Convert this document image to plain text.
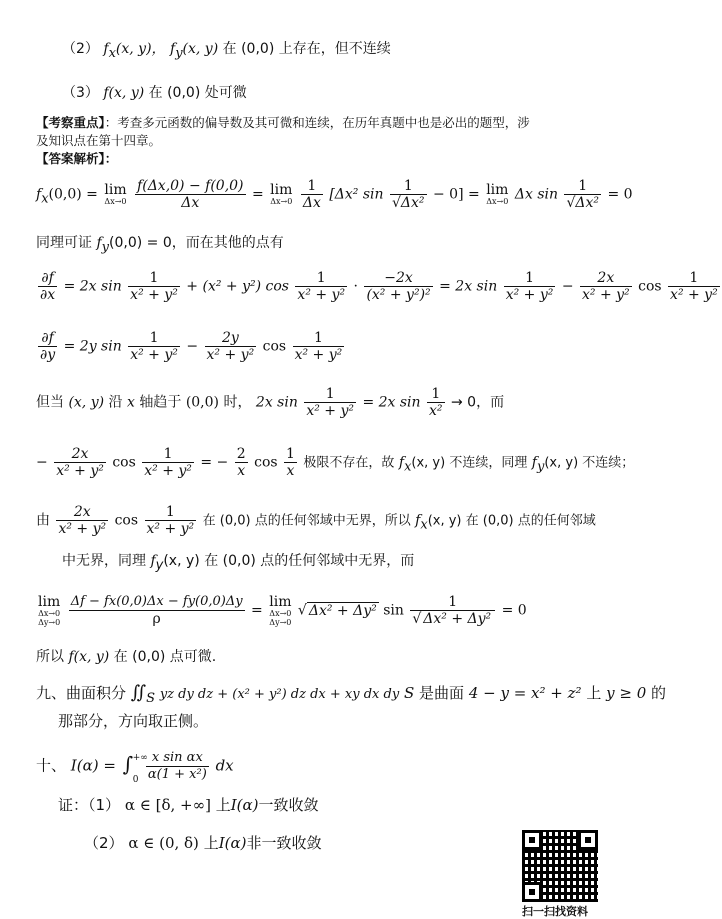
（2） $f_x(x$, y)， $f_y(x$, y) 在 (0,0) 上存在，但不连续
（3） f(x, y) 在 (0,0) 处可微
【考察重点】：考查多元函数的偏导数及其可微和连续，在历年真题中也是必出的题型，涉
及知识点在第十四章。
【答案解析】：
$f_x(0,0) = \lim$
Δx→0
$\frac{f(\Delta x,0) - f(0,0)}{\Delta x} = \lim$
Δx→0
$\frac{1}{\Delta x} [\Delta x^2$ $\sin \frac{1}{\text{√Δx²}} - 0] = \lim$
Δx→0 Δx $\sin \frac{1}{\text{√Δx²}} = 0$
同理可证 $f_y(0,0) = 0$，而在其他的点有
$\frac{\partial f}{\partial x} = 2x$ $\sin \frac{1}{\text{x² + y²}} + (x^2 + y^2)$ $\cos \frac{1}{\text{x² + y²}} \cdot \frac{-2x}{\text{(x² + y²)²}} = 2x$ $\sin \frac{1}{\text{x² + y²}} - \frac{2x}{\text{x² + y²}}$ $\cos \frac{1}{\text{x² + y²}}$
$\frac{\partial f}{\partial y} = 2y$ $\sin \frac{1}{\text{x² + y²}} - \frac{2y}{\text{x² + y²}}$ $\cos \frac{1}{\text{x² + y²}}$
但当 (x, y) 沿 x 轴趋于 (0,0) 时， 2x $\sin \frac{1}{\text{x² + y²}} = 2x$ $\sin \frac{1}{\text{x²}} \to 0$，而
− $\frac{2x}{\text{x² + y²}}$ $\cos \frac{1}{\text{x² + y²}}$ = − $\frac{2}{x}$ $\cos \frac{1}{x}$ 极限不存在，故 $f_x(x$, y) 不连续，同理 $f_y(x$, y) 不连续；
由 $\frac{2x}{\text{x² + y²}}$ $\cos \frac{1}{\text{x² + y²}}$ 在 (0,0) 点的任何邻域中无界，所以 $f_x(x$, y) 在 (0,0) 点的任何邻域
中无界，同理 $f_y(x$, y) 在 (0,0) 点的任何邻域中无界，而
lim
Δx→0
Δy→0
$\frac{\Delta f - fx(0,0)\Delta x - fy(0,0)\Delta y}{\rho}$ =
lim
Δx→0
Δy→0
√ Δx² + Δy² $\sin \frac{1}{\text{√ Δx² + Δy²}} = 0$
所以 f(x, y) 在 (0,0) 点可微.
九、曲面积分 $∬_S$ yz dy dz + (x² + y²) dz dx + xy dx dy S 是曲面 4 − y = x² + z² 上 y ≥ 0 的
那部分，方向取正侧。
十、 I(α) = ∫ +∞
0
$\frac{\text{x sin αx}}{\text{α(1 + x²)}}$ dx
证：（1） α ∈ [δ, +∞] 上I(α)一致收敛
（2） α ∈ (0, δ) 上I(α)非一致收敛
扫一扫找资料
